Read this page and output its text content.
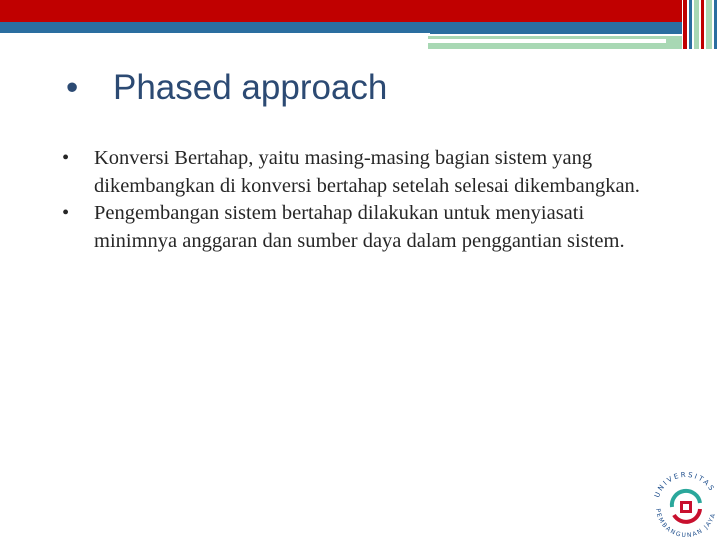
• Phased approach
• Konversi Bertahap, yaitu masing-masing bagian sistem yang dikembangkan di konversi bertahap setelah selesai dikembangkan.
• Pengembangan sistem bertahap dilakukan untuk menyiasati minimnya anggaran dan sumber daya dalam penggantian sistem.
UNIVERSITAS
PEMBANGUNAN JAYA
